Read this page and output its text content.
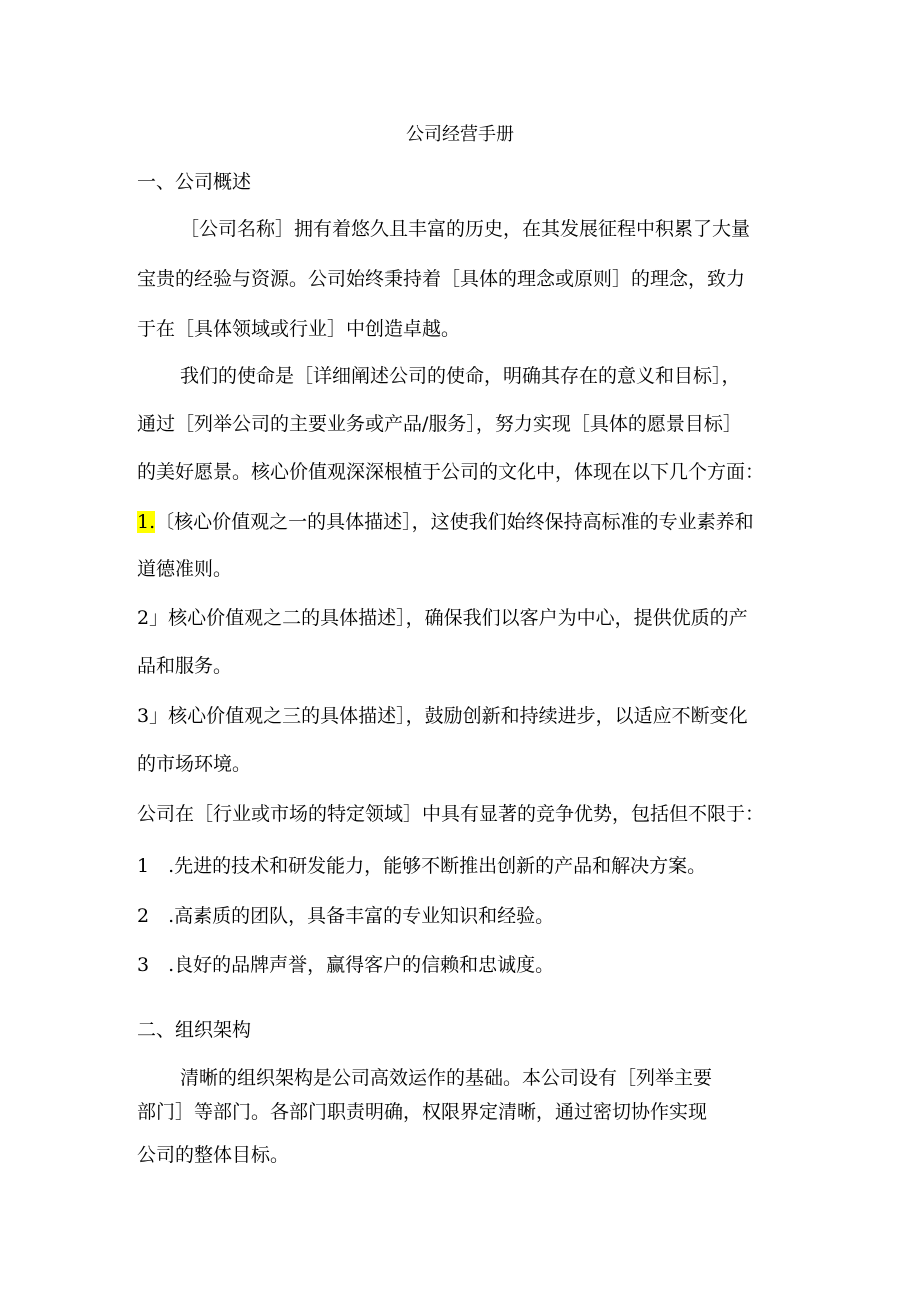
公司经营手册
一、公司概述
［公司名称］拥有着悠久且丰富的历史，在其发展征程中积累了大量
宝贵的经验与资源。公司始终秉持着［具体的理念或原则］的理念，致力
于在［具体领域或行业］中创造卓越。
我们的使命是［详细阐述公司的使命，明确其存在的意义和目标］，
通过［列举公司的主要业务或产品/服务］，努力实现［具体的愿景目标］
的美好愿景。核心价值观深深根植于公司的文化中，体现在以下几个方面：
1.〔核心价值观之一的具体描述］，这使我们始终保持高标准的专业素养和
道德准则。
2」核心价值观之二的具体描述］，确保我们以客户为中心，提供优质的产
品和服务。
3」核心价值观之三的具体描述］，鼓励创新和持续进步，以适应不断变化
的市场环境。
公司在［行业或市场的特定领域］中具有显著的竞争优势，包括但不限于：
1　.先进的技术和研发能力，能够不断推出创新的产品和解决方案。
2　.高素质的团队，具备丰富的专业知识和经验。
3　.良好的品牌声誉，赢得客户的信赖和忠诚度。
二、组织架构
清晰的组织架构是公司高效运作的基础。本公司设有［列举主要
部门］等部门。各部门职责明确，权限界定清晰，通过密切协作实现
公司的整体目标。
